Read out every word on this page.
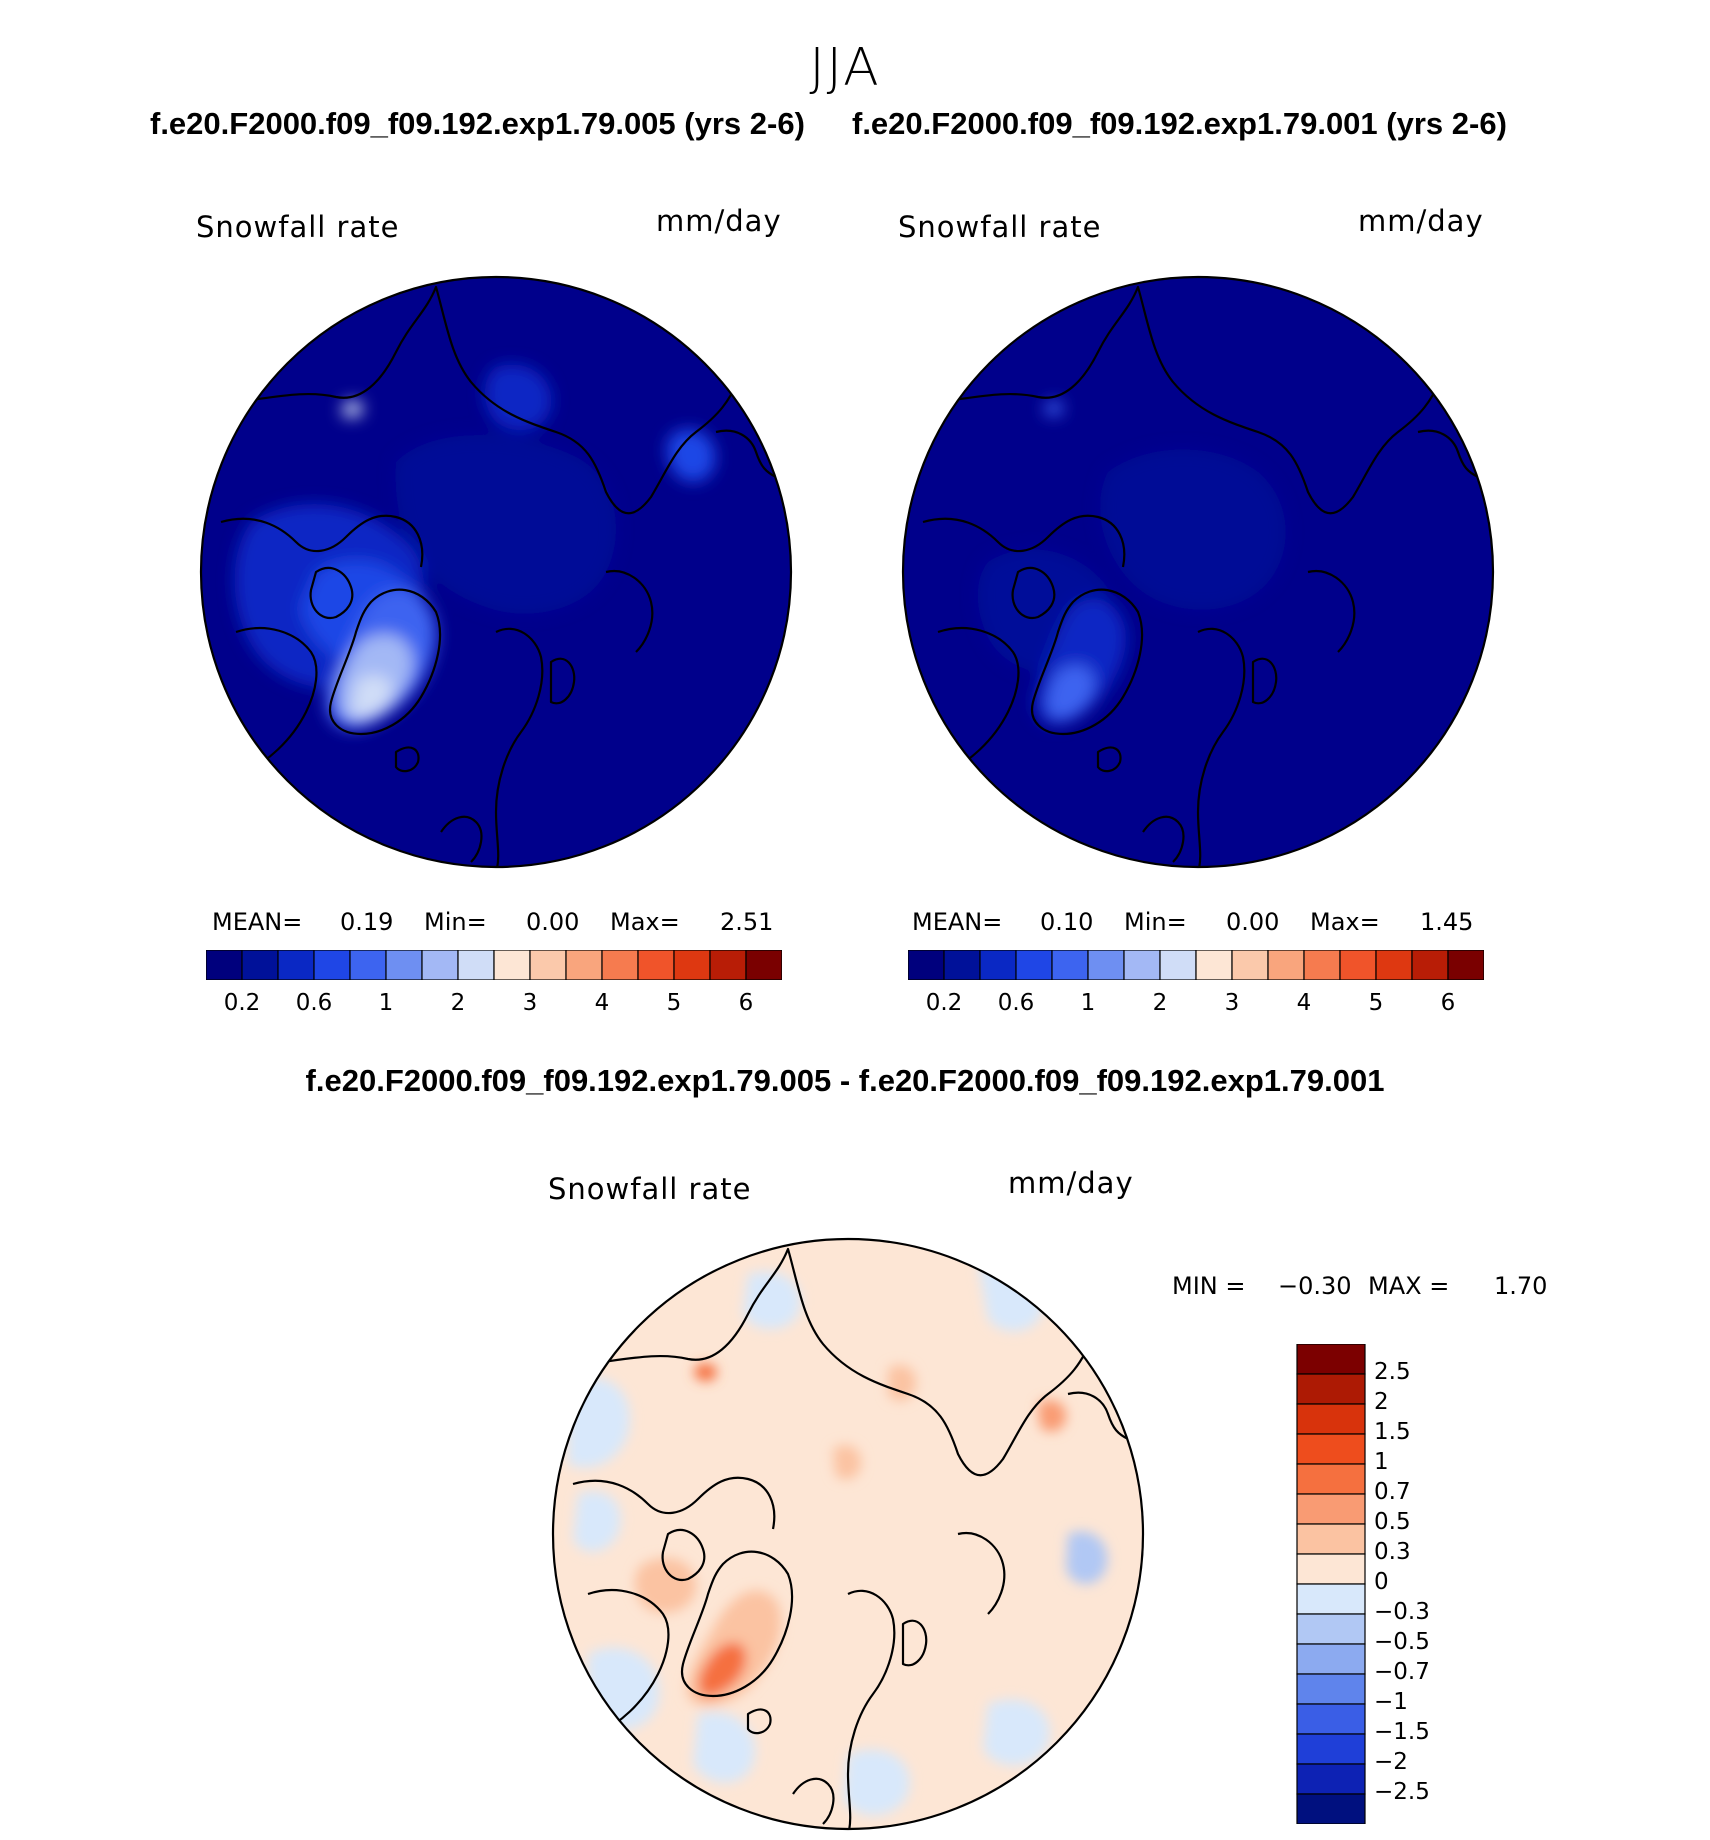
JJA
f.e20.F2000.f09_f09.192.exp1.79.005 (yrs 2-6) f.e20.F2000.f09_f09.192.exp1.79.001 (yrs 2-6)
Snowfall rate	mm/day	Snowfall rate	mm/day
MEAN= 0.19 Min= 0.00 Max= 2.51	MEAN= 0.10 Min= 0.00 Max= 1.45
0.2	0.6	1	2	3	4	5	6	0.2	0.6	1	2	3	4	5	6
f.e20.F2000.f09_f09.192.exp1.79.005 - f.e20.F2000.f09_f09.192.exp1.79.001
Snowfall rate	mm/day
MIN = −0.30 MAX = 1.70
2.5
2
1.5
1
0.7
0.5
0.3
0
−0.3
−0.5
−0.7
−1
−1.5
−2
−2.5
